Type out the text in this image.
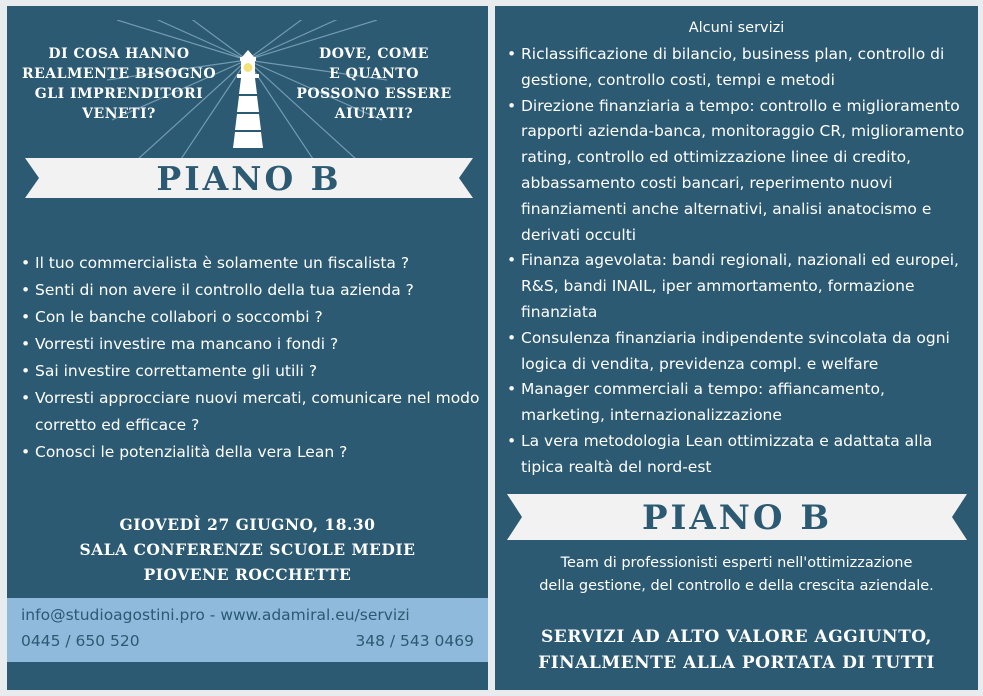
DI COSA HANNO
REALMENTE BISOGNO
GLI IMPRENDITORI
VENETI?
DOVE, COME
E QUANTO
POSSONO ESSERE
AIUTATI?
PIANO B
• Il tuo commercialista è solamente un fiscalista ?
• Senti di non avere il controllo della tua azienda ?
• Con le banche collabori o soccombi ?
• Vorresti investire ma mancano i fondi ?
• Sai investire correttamente gli utili ?
• Vorresti approcciare nuovi mercati, comunicare nel modo corretto ed efficace ?
• Conosci le potenzialità della vera Lean ?
GIOVEDÌ 27 GIUGNO, 18.30
SALA CONFERENZE SCUOLE MEDIE
PIOVENE ROCCHETTE
info@studioagostini.pro - www.adamiral.eu/servizi
0445 / 650 520	348 / 543 0469
Alcuni servizi
• Riclassificazione di bilancio, business plan, controllo di gestione, controllo costi, tempi e metodi
• Direzione finanziaria a tempo: controllo e miglioramento rapporti azienda-banca, monitoraggio CR, miglioramento rating, controllo ed ottimizzazione linee di credito, abbassamento costi bancari, reperimento nuovi finanziamenti anche alternativi, analisi anatocismo e derivati occulti
• Finanza agevolata: bandi regionali, nazionali ed europei, R&S, bandi INAIL, iper ammortamento, formazione finanziata
• Consulenza finanziaria indipendente svincolata da ogni logica di vendita, previdenza compl. e welfare
• Manager commerciali a tempo: affiancamento, marketing, internazionalizzazione
• La vera metodologia Lean ottimizzata e adattata alla tipica realtà del nord-est
PIANO B
Team di professionisti esperti nell'ottimizzazione
della gestione, del controllo e della crescita aziendale.
SERVIZI AD ALTO VALORE AGGIUNTO,
FINALMENTE ALLA PORTATA DI TUTTI
